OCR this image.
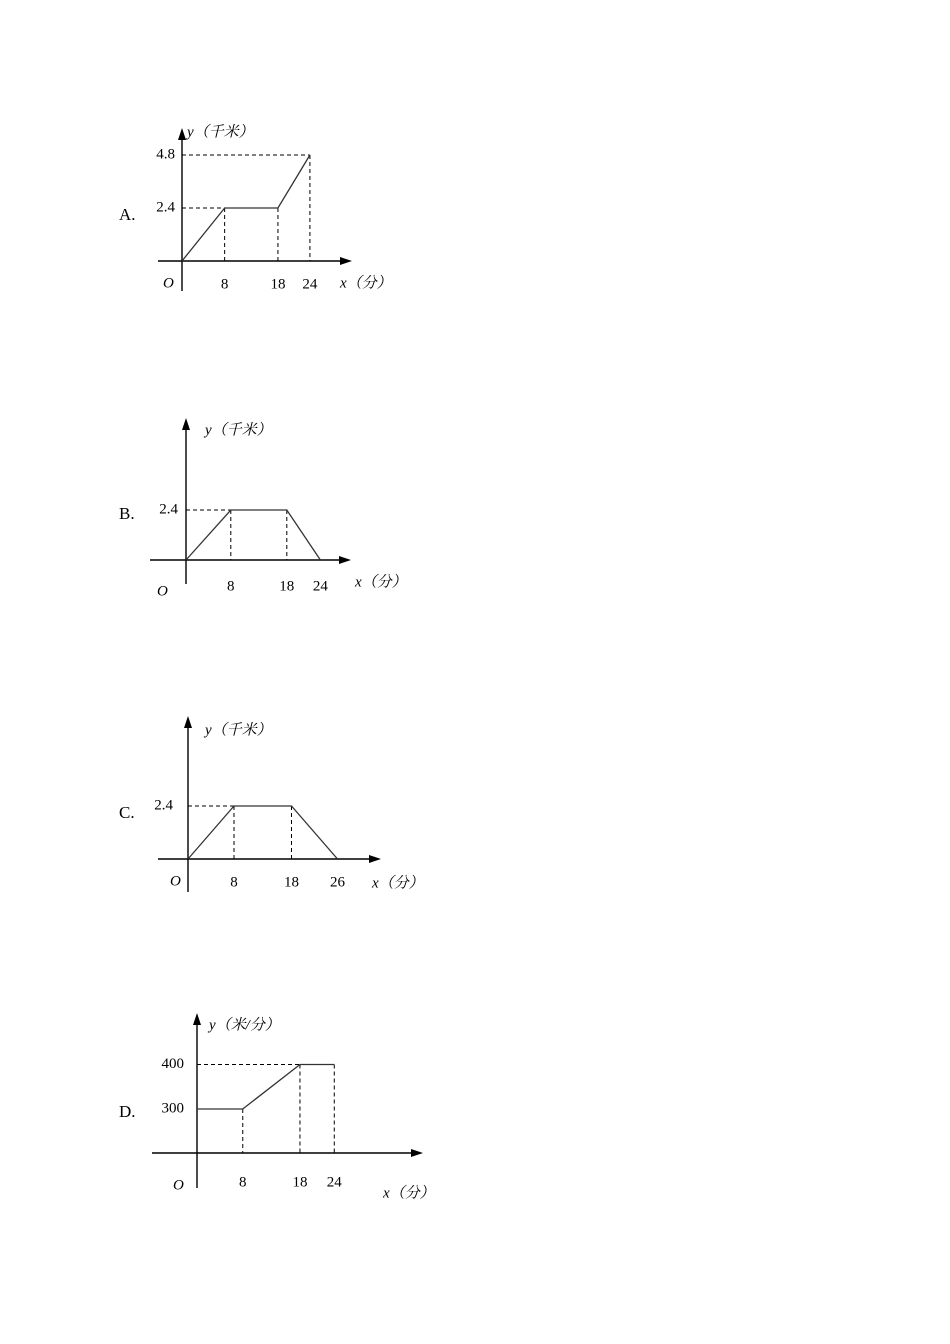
A.
8	18 24
2.4
4.8
O	x（分）
y（千米）
B.
8	18 24
2.4
O
x（分）
y（千米）
C.
8	18 26
2.4
O	x（分）
y（千米）
D.
8	18 24
300
400
O	x（分）
y（米/分）
